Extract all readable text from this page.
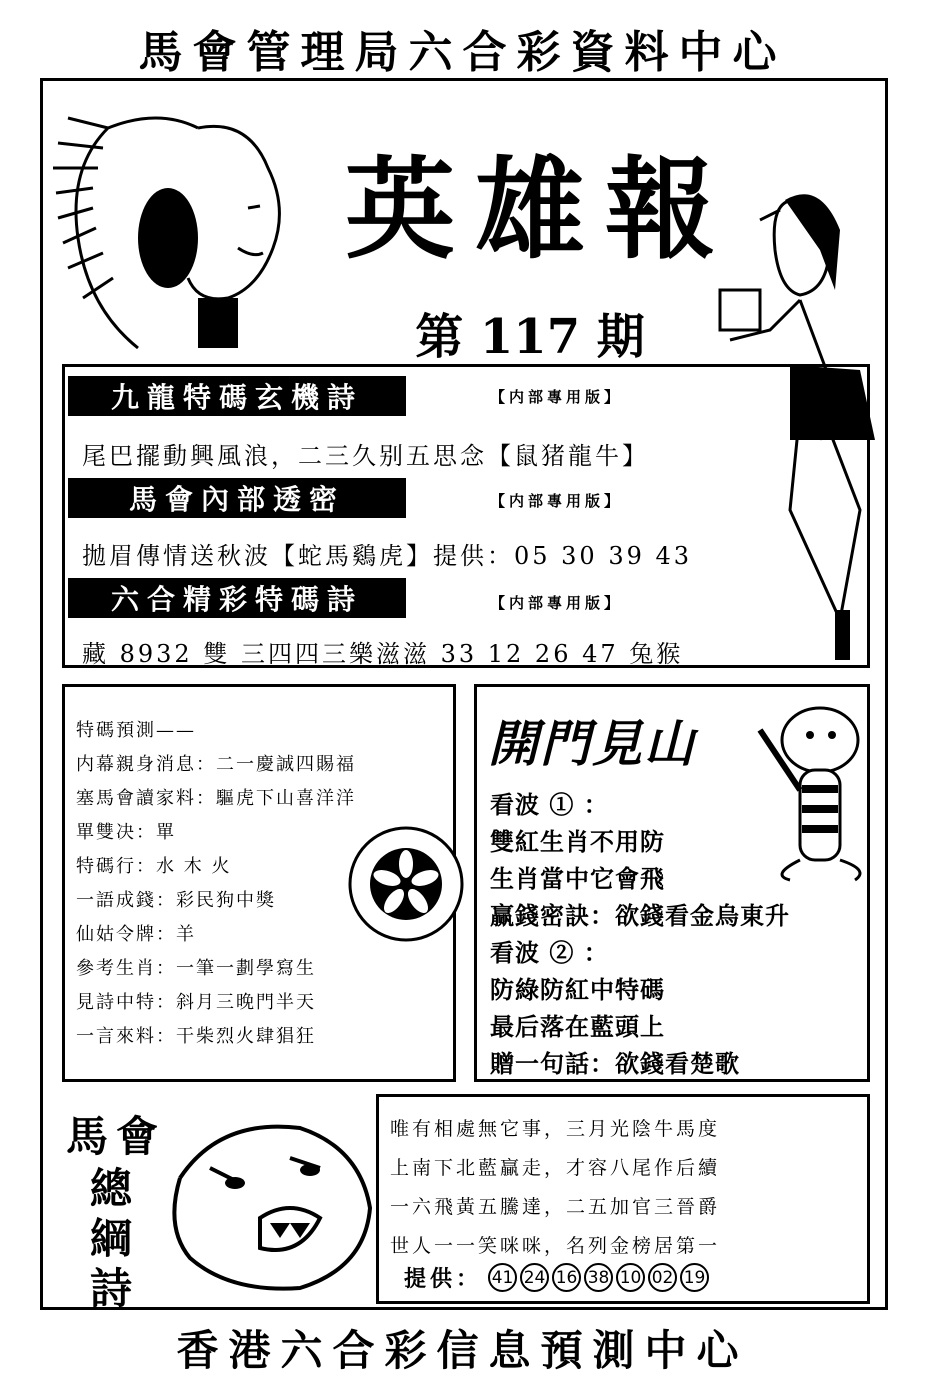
馬會管理局六合彩資料中心
英雄報
第 117 期
九龍特碼玄機詩	【内部專用版】
尾巴擺動興風浪，二三久别五思念【鼠猪龍牛】
馬會內部透密	【内部專用版】
拋眉傳情送秋波【蛇馬鷄虎】提供：05 30 39 43
六合精彩特碼詩	【内部專用版】
藏 8932 雙 三四四三樂滋滋 33 12 26 47 兔猴
特碼預測——
内幕親身消息：二一慶誠四賜福
塞馬會讀家料：驅虎下山喜洋洋
單雙决：單
特碼行：水 木 火
一語成錢：彩民狗中獎
仙姑令牌：羊
參考生肖：一筆一劃學寫生
見詩中特：斜月三晚門半天
一言來料：干柴烈火肆猖狂
開門見山
看波 ① ：
雙紅生肖不用防
生肖當中它會飛
赢錢密訣：欲錢看金烏東升
看波 ② ：
防綠防紅中特碼
最后落在藍頭上
贈一句話：欲錢看楚歌
馬 會
總
綱
詩
唯有相處無它事，三月光陰牛馬度
上南下北藍贏走，才容八尾作后續
一六飛黃五騰達，二五加官三晉爵
世人一一笑咪咪，名列金榜居第一
提供： 41 24 16 38 10 02 19
香港六合彩信息預測中心
